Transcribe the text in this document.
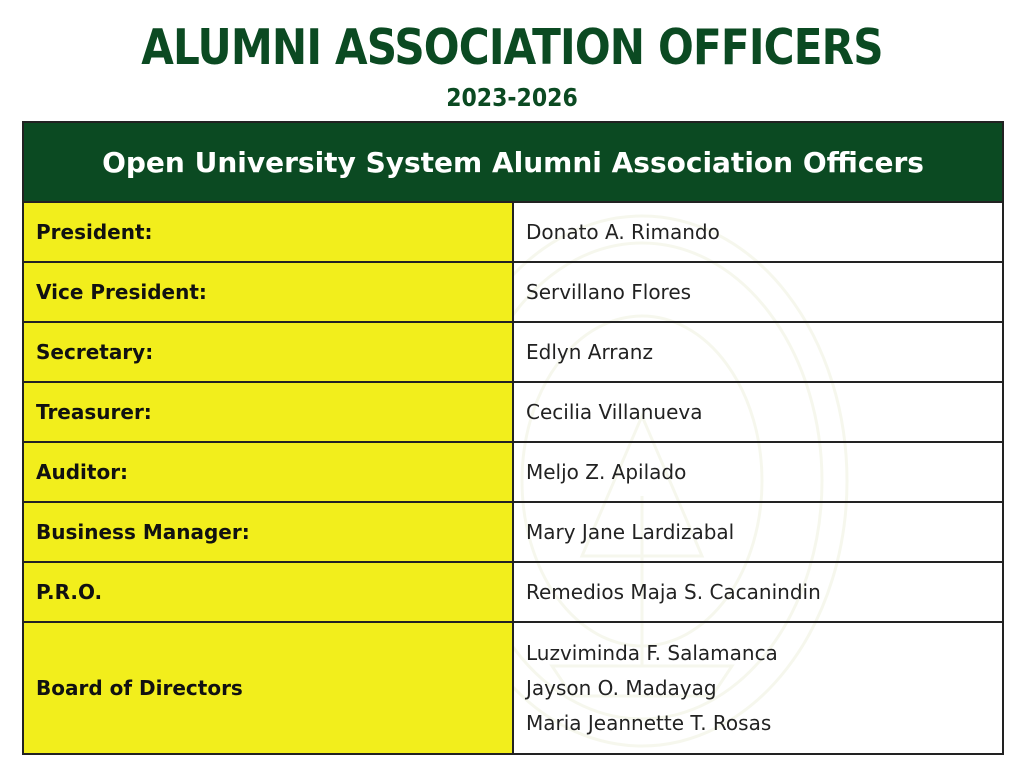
ALUMNI ASSOCIATION OFFICERS
2023-2026
Open University System Alumni Association Officers	
President:	Donato A. Rimando
Vice President:	Servillano Flores
Secretary:	Edlyn Arranz
Treasurer:	Cecilia Villanueva
Auditor:	Meljo Z. Apilado
Business Manager:	Mary Jane Lardizabal
P.R.O.	Remedios Maja S. Cacanindin
Board of Directors	Luzviminda F. Salamanca
Jayson O. Madayag
Maria Jeannette T. Rosas
